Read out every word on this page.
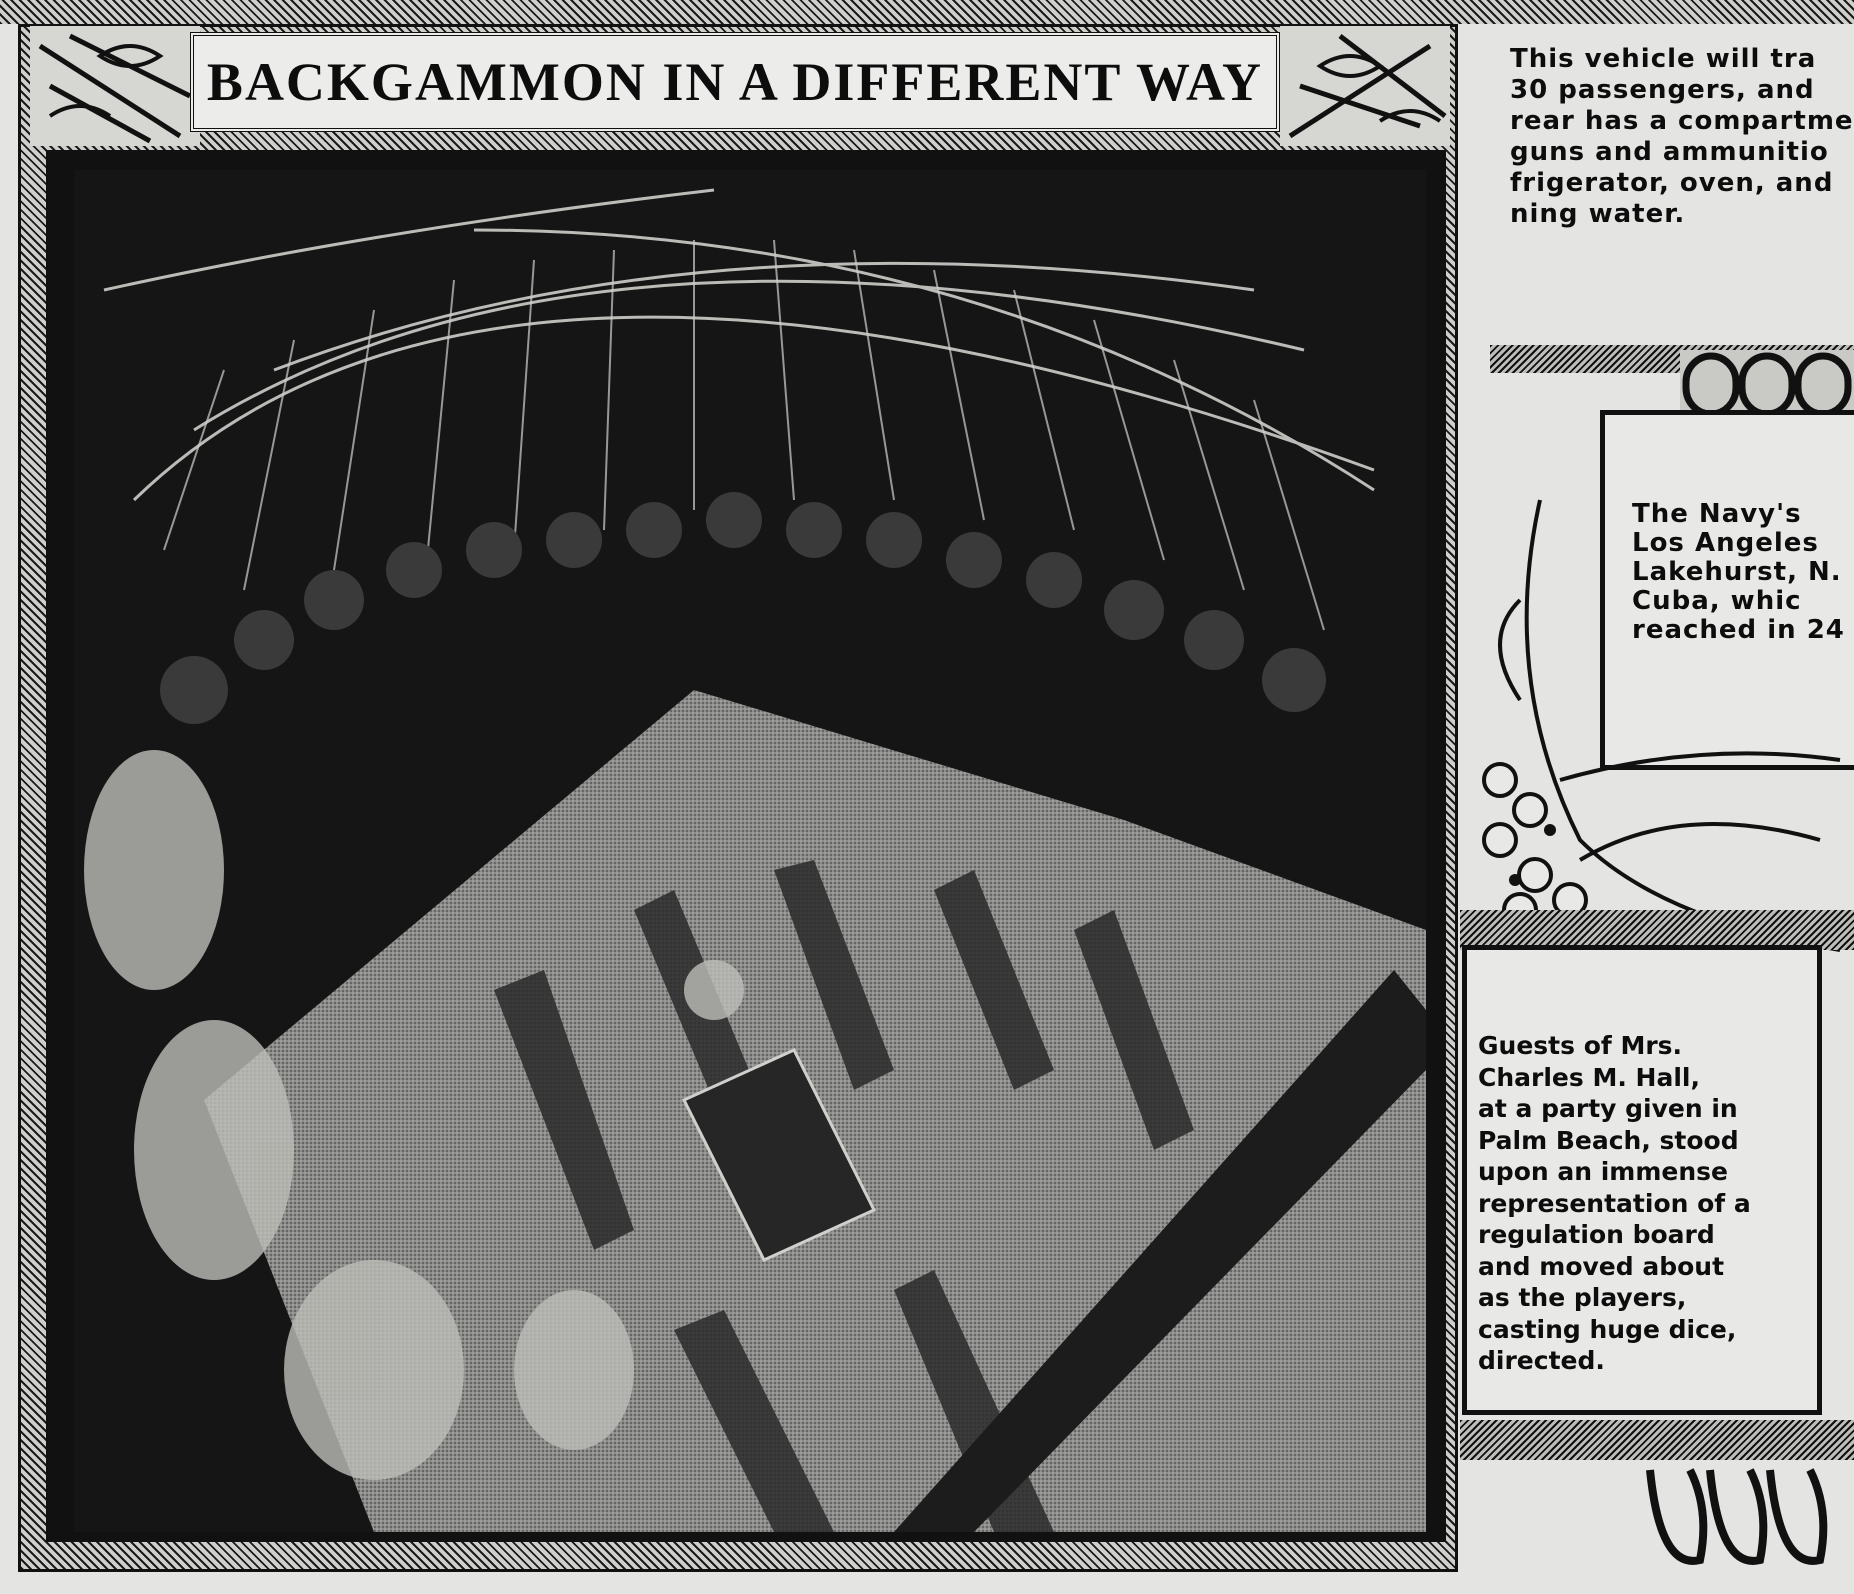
BACKGAMMON IN A DIFFERENT WAY	This vehicle will tra
30 passengers, and
rear has a compartme
guns and ammunitio
frigerator, oven, and
ning water.
The Navy's
Los Angeles
Lakehurst, N.
Cuba, whic
reached in 24
Guests of Mrs.
Charles M. Hall,
at a party given in
Palm Beach, stood
upon an immense
representation of a
regulation board
and moved about
as the players,
casting huge dice,
directed.
